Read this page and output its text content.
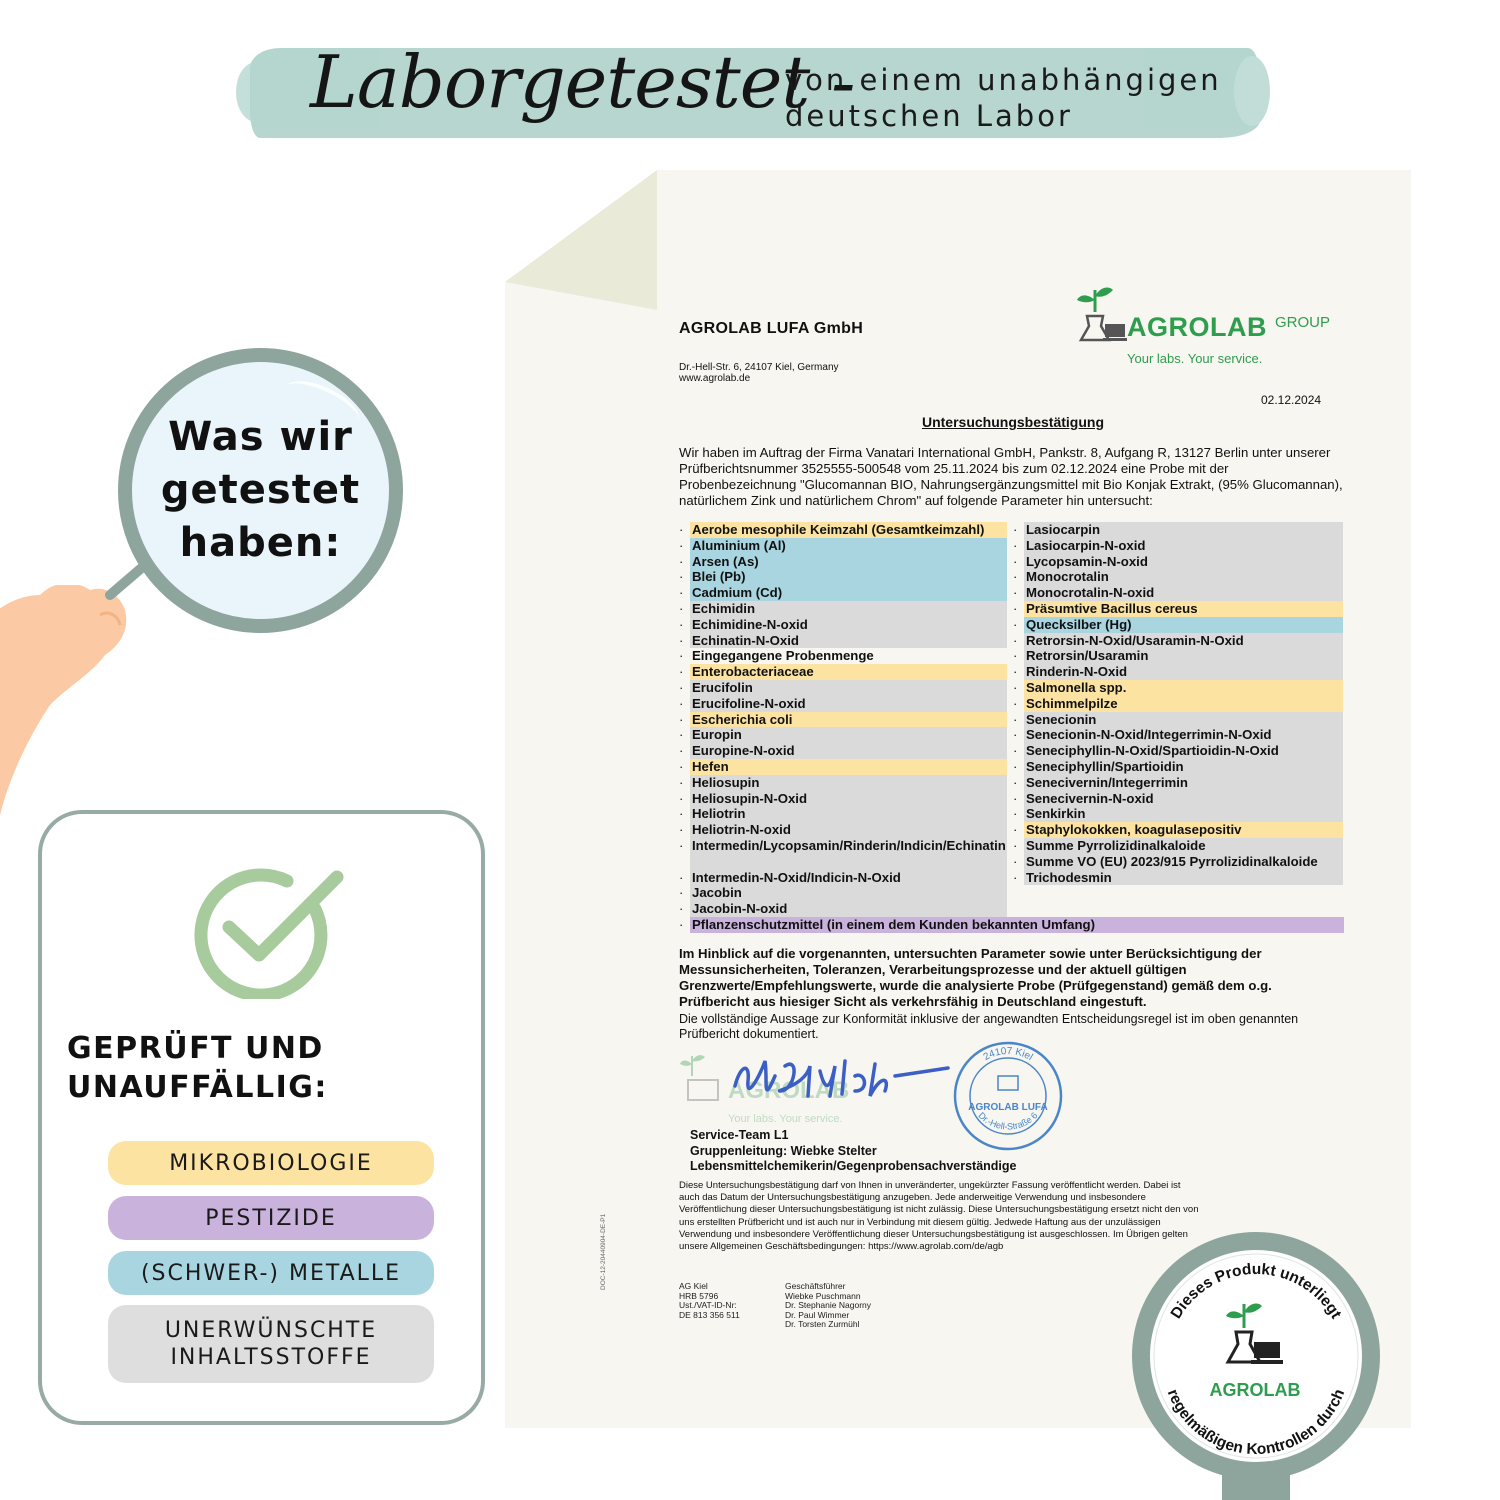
Laborgetestet -
von einem unabhängigen deutschen Labor
Was wir getestet haben:
GEPRÜFT UND UNAUFFÄLLIG:
MIKROBIOLOGIE
PESTIZIDE
(SCHWER-) METALLE
UNERWÜNSCHTE
INHALTSSTOFFE
AGROLAB LUFA GmbH
Dr.-Hell-Str. 6, 24107 Kiel, Germany
www.agrolab.de
AGROLAB GROUP
Your labs. Your service.
02.12.2024
Untersuchungsbestätigung
Wir haben im Auftrag der Firma Vanatari International GmbH, Pankstr. 8, Aufgang R, 13127 Berlin unter unserer Prüfberichtsnummer 3525555-500548 vom 25.11.2024 bis zum 02.12.2024 eine Probe mit der Probenbezeichnung "Glucomannan BIO, Nahrungsergänzungsmittel mit Bio Konjak Extrakt, (95% Glucomannan), natürlichem Zink und natürlichem Chrom" auf folgende Parameter hin untersucht:
· Aerobe mesophile Keimzahl (Gesamtkeimzahl)
· Aluminium (Al)
· Arsen (As)
· Blei (Pb)
· Cadmium (Cd)
· Echimidin
· Echimidine-N-oxid
· Echinatin-N-Oxid
· Eingegangene Probenmenge
· Enterobacteriaceae
· Erucifolin
· Erucifoline-N-oxid
· Escherichia coli
· Europin
· Europine-N-oxid
· Hefen
· Heliosupin
· Heliosupin-N-Oxid
· Heliotrin
· Heliotrin-N-oxid
· Intermedin/Lycopsamin/Rinderin/Indicin/Echinatin
· Intermedin-N-Oxid/Indicin-N-Oxid
· Jacobin
· Jacobin-N-oxid
· Lasiocarpin
· Lasiocarpin-N-oxid
· Lycopsamin-N-oxid
· Monocrotalin
· Monocrotalin-N-oxid
· Präsumtive Bacillus cereus
· Quecksilber (Hg)
· Retrorsin-N-Oxid/Usaramin-N-Oxid
· Retrorsin/Usaramin
· Rinderin-N-Oxid
· Salmonella spp.
· Schimmelpilze
· Senecionin
· Senecionin-N-Oxid/Integerrimin-N-Oxid
· Seneciphyllin-N-Oxid/Spartioidin-N-Oxid
· Seneciphyllin/Spartioidin
· Senecivernin/Integerrimin
· Senecivernin-N-oxid
· Senkirkin
· Staphylokokken, koagulasepositiv
· Summe Pyrrolizidinalkaloide
· Summe VO (EU) 2023/915 Pyrrolizidinalkaloide
· Trichodesmin
· Pflanzenschutzmittel (in einem dem Kunden bekannten Umfang)
Im Hinblick auf die vorgenannten, untersuchten Parameter sowie unter Berücksichtigung der Messunsicherheiten, Toleranzen, Verarbeitungsprozesse und der aktuell gültigen Grenzwerte/Empfehlungswerte, wurde die analysierte Probe (Prüfgegenstand) gemäß dem o.g. Prüfbericht aus hiesiger Sicht als verkehrsfähig in Deutschland eingestuft.
Die vollständige Aussage zur Konformität inklusive der angewandten Entscheidungsregel ist im oben genannten Prüfbericht dokumentiert.
AGROLAB
Your labs. Your service.
24107 Kiel
Dr.-Hell-Straße 6
AGROLAB LUFA
Service-Team L1
Gruppenleitung: Wiebke Stelter
Lebensmittelchemikerin/Gegenprobensachverständige
Diese Untersuchungsbestätigung darf von Ihnen in unveränderter, ungekürzter Fassung veröffentlicht werden. Dabei ist auch das Datum der Untersuchungsbestätigung anzugeben. Jede anderweitige Verwendung und insbesondere Veröffentlichung dieser Untersuchungsbestätigung ist nicht zulässig. Diese Untersuchungsbestätigung ersetzt nicht den von uns erstellten Prüfbericht und ist auch nur in Verbindung mit diesem gültig. Jedwede Haftung aus der unzulässigen Verwendung und insbesondere Veröffentlichung dieser Untersuchungsbestätigung ist ausgeschlossen. Im Übrigen gelten unsere Allgemeinen Geschäftsbedingungen: https://www.agrolab.com/de/agb
AG Kiel
HRB 5796
Ust./VAT-ID-Nr:
DE 813 356 511
Geschäftsführer
Wiebke Puschmann
Dr. Stephanie Nagorny
Dr. Paul Wimmer
Dr. Torsten Zurmühl
DOC-12-20440904-DE-P1
Dieses Produkt unterliegt
regelmäßigen Kontrollen durch
AGROLAB
